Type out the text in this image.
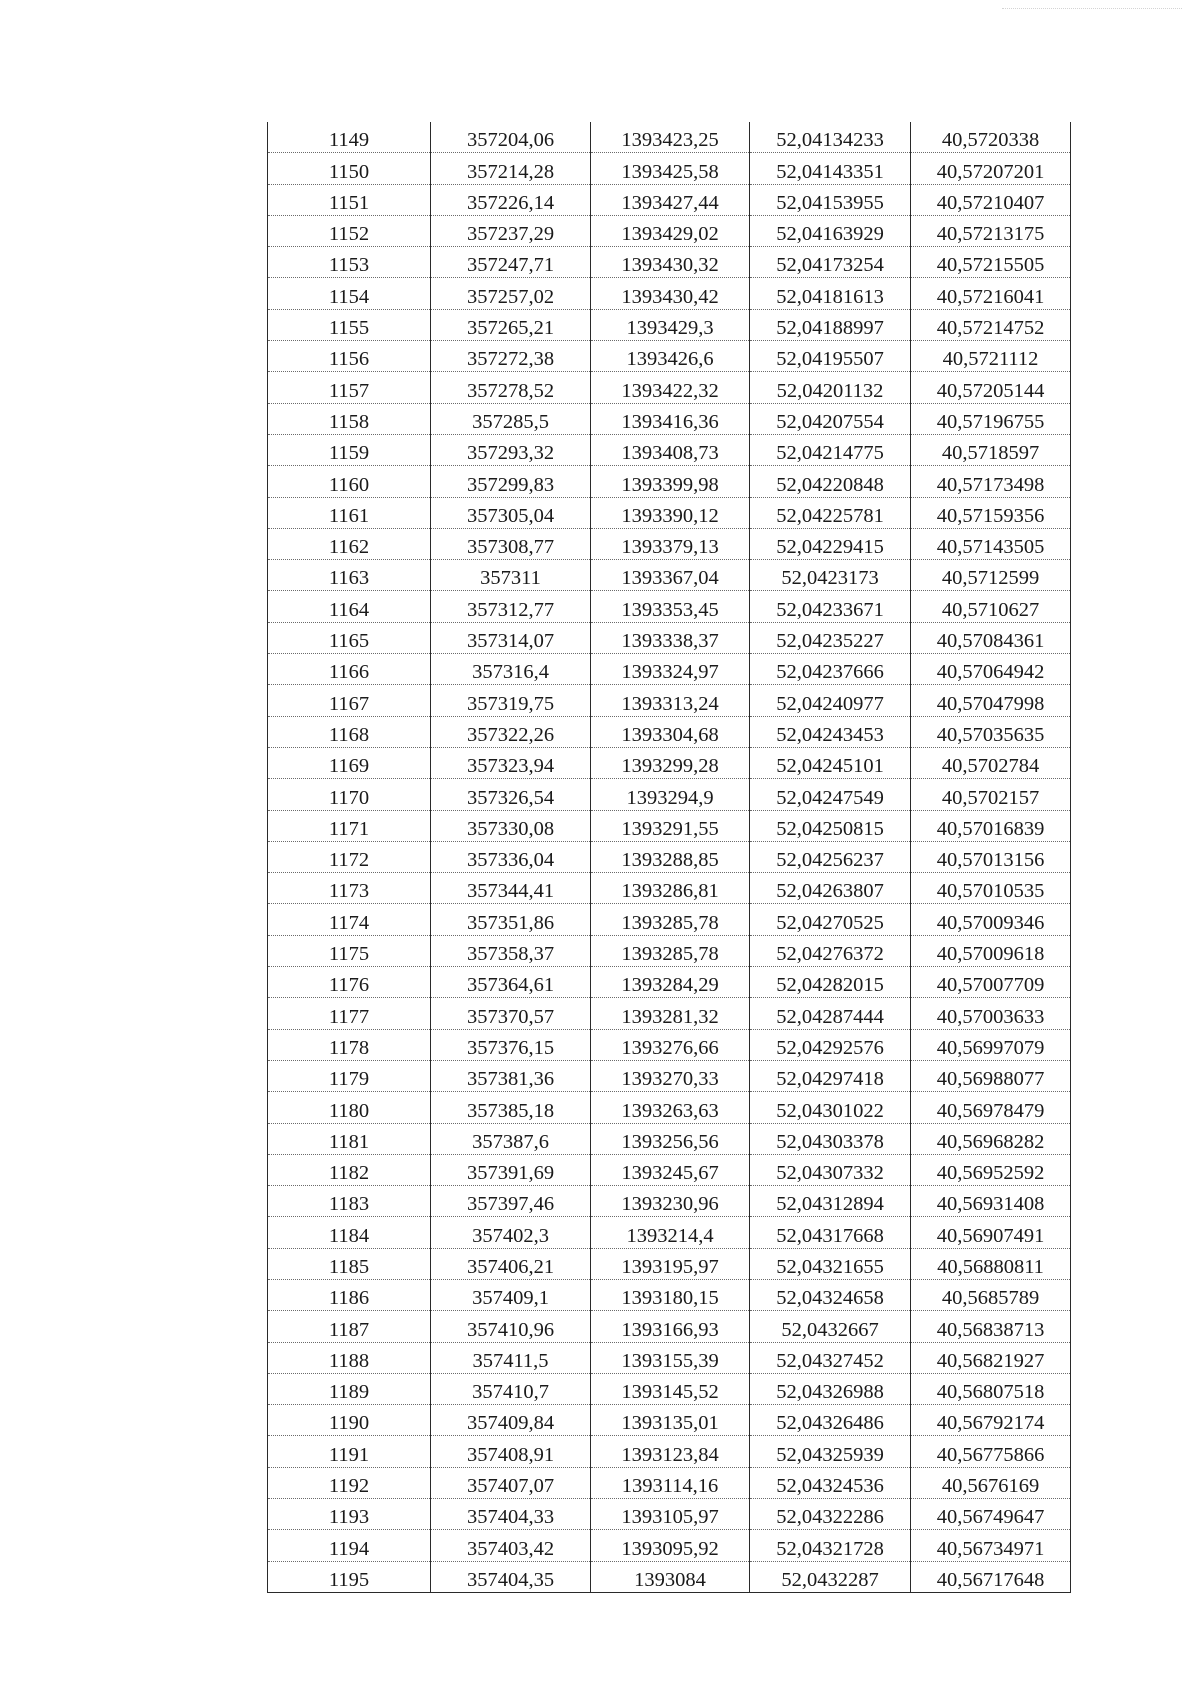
1149	357204,06	1393423,25	52,04134233	40,5720338
1150	357214,28	1393425,58	52,04143351	40,57207201
1151	357226,14	1393427,44	52,04153955	40,57210407
1152	357237,29	1393429,02	52,04163929	40,57213175
1153	357247,71	1393430,32	52,04173254	40,57215505
1154	357257,02	1393430,42	52,04181613	40,57216041
1155	357265,21	1393429,3	52,04188997	40,57214752
1156	357272,38	1393426,6	52,04195507	40,5721112
1157	357278,52	1393422,32	52,04201132	40,57205144
1158	357285,5	1393416,36	52,04207554	40,57196755
1159	357293,32	1393408,73	52,04214775	40,5718597
1160	357299,83	1393399,98	52,04220848	40,57173498
1161	357305,04	1393390,12	52,04225781	40,57159356
1162	357308,77	1393379,13	52,04229415	40,57143505
1163	357311	1393367,04	52,0423173	40,5712599
1164	357312,77	1393353,45	52,04233671	40,5710627
1165	357314,07	1393338,37	52,04235227	40,57084361
1166	357316,4	1393324,97	52,04237666	40,57064942
1167	357319,75	1393313,24	52,04240977	40,57047998
1168	357322,26	1393304,68	52,04243453	40,57035635
1169	357323,94	1393299,28	52,04245101	40,5702784
1170	357326,54	1393294,9	52,04247549	40,5702157
1171	357330,08	1393291,55	52,04250815	40,57016839
1172	357336,04	1393288,85	52,04256237	40,57013156
1173	357344,41	1393286,81	52,04263807	40,57010535
1174	357351,86	1393285,78	52,04270525	40,57009346
1175	357358,37	1393285,78	52,04276372	40,57009618
1176	357364,61	1393284,29	52,04282015	40,57007709
1177	357370,57	1393281,32	52,04287444	40,57003633
1178	357376,15	1393276,66	52,04292576	40,56997079
1179	357381,36	1393270,33	52,04297418	40,56988077
1180	357385,18	1393263,63	52,04301022	40,56978479
1181	357387,6	1393256,56	52,04303378	40,56968282
1182	357391,69	1393245,67	52,04307332	40,56952592
1183	357397,46	1393230,96	52,04312894	40,56931408
1184	357402,3	1393214,4	52,04317668	40,56907491
1185	357406,21	1393195,97	52,04321655	40,56880811
1186	357409,1	1393180,15	52,04324658	40,5685789
1187	357410,96	1393166,93	52,0432667	40,56838713
1188	357411,5	1393155,39	52,04327452	40,56821927
1189	357410,7	1393145,52	52,04326988	40,56807518
1190	357409,84	1393135,01	52,04326486	40,56792174
1191	357408,91	1393123,84	52,04325939	40,56775866
1192	357407,07	1393114,16	52,04324536	40,5676169
1193	357404,33	1393105,97	52,04322286	40,56749647
1194	357403,42	1393095,92	52,04321728	40,56734971
1195	357404,35	1393084	52,0432287	40,56717648
